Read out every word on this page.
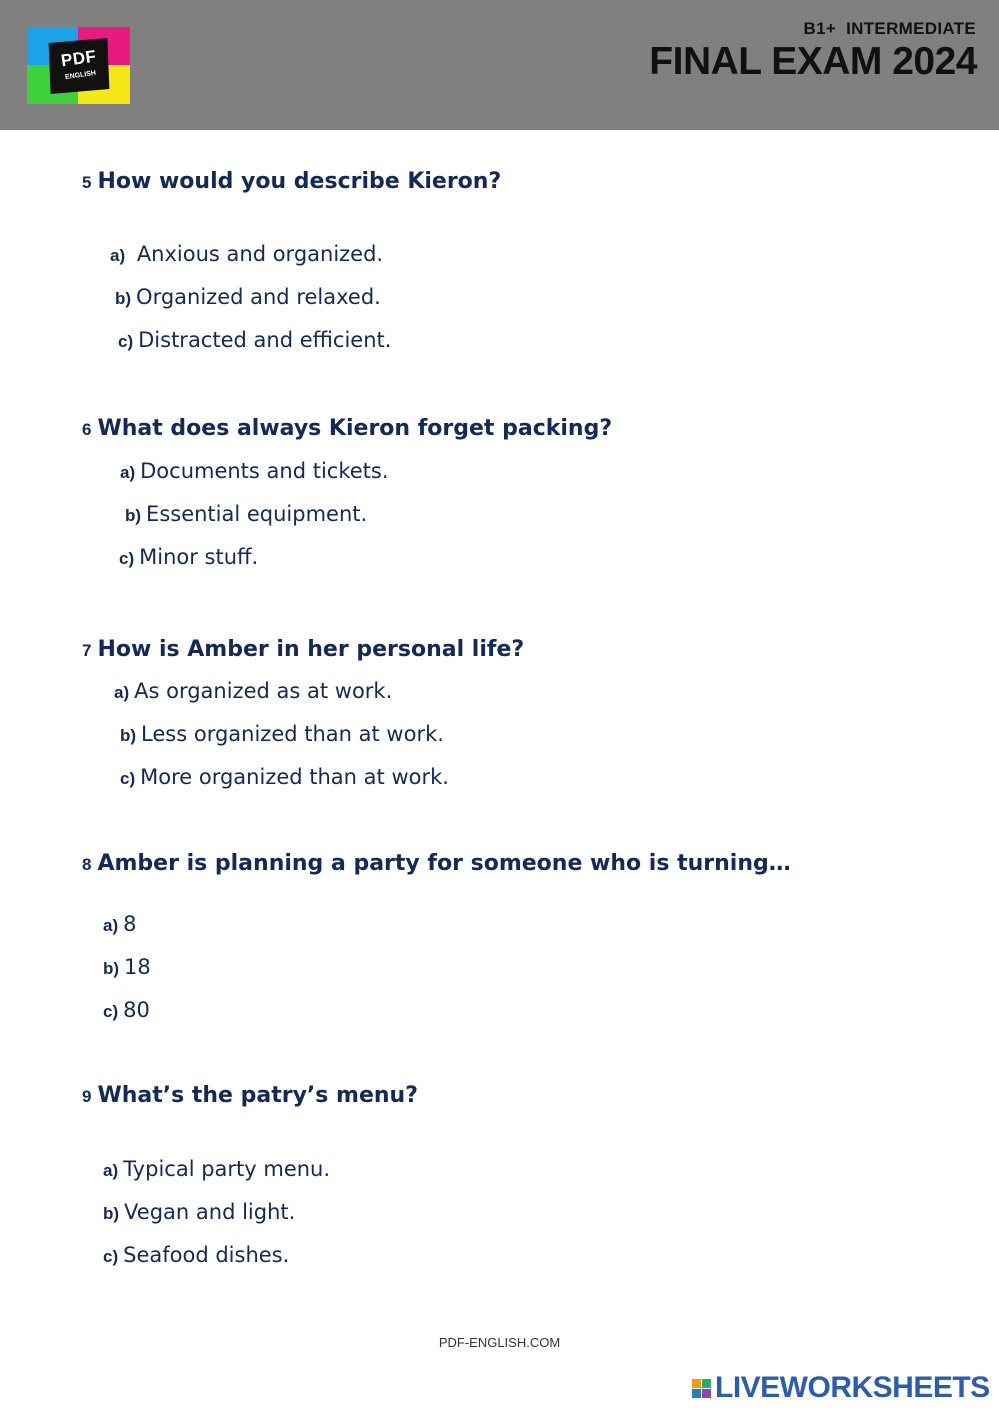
PDF
ENGLISH
B1+  INTERMEDIATE
FINAL EXAM 2024
5 How would you describe Kieron?
a) Anxious and organized.
b) Organized and relaxed.
c) Distracted and efficient.
6 What does always Kieron forget packing?
a) Documents and tickets.
b) Essential equipment.
c) Minor stuff.
7 How is Amber in her personal life?
a) As organized as at work.
b) Less organized than at work.
c) More organized than at work.
8 Amber is planning a party for someone who is turning…
a) 8
b) 18
c) 80
9 What’s the patry’s menu?
a) Typical party menu.
b) Vegan and light.
c) Seafood dishes.
PDF-ENGLISH.COM
LIVEWORKSHEETS
